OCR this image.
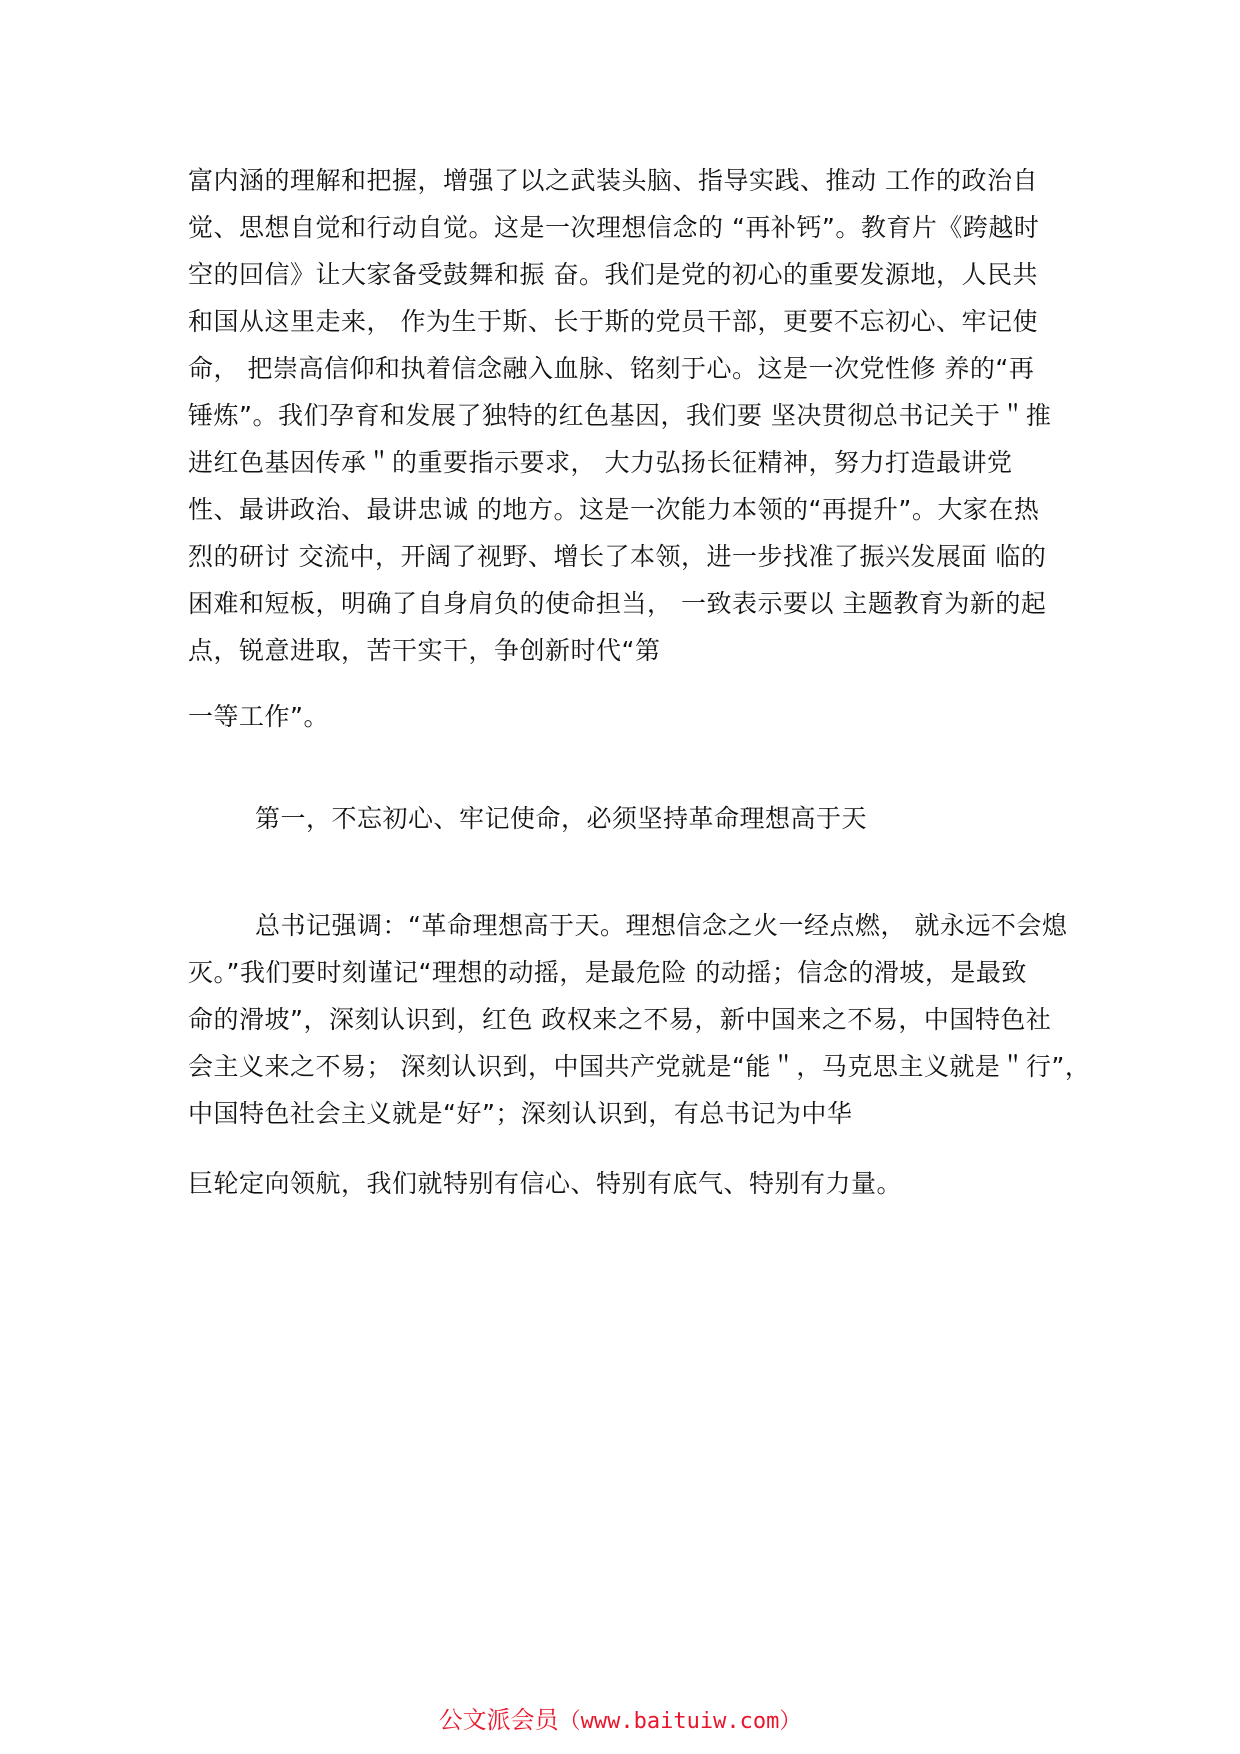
富内涵的理解和把握，增强了以之武装头脑、指导实践、推动 工作的政治自
觉、思想自觉和行动自觉。这是一次理想信念的 “再补钙”。教育片《跨越时
空的回信》让大家备受鼓舞和振 奋。我们是党的初心的重要发源地，人民共
和国从这里走来， 作为生于斯、长于斯的党员干部，更要不忘初心、牢记使
命， 把崇高信仰和执着信念融入血脉、铭刻于心。这是一次党性修 养的“再
锤炼”。我们孕育和发展了独特的红色基因，我们要 坚决贯彻总书记关于＂推
进红色基因传承＂的重要指示要求， 大力弘扬长征精神，努力打造最讲党
性、最讲政治、最讲忠诚 的地方。这是一次能力本领的“再提升”。大家在热
烈的研讨 交流中，开阔了视野、增长了本领，进一步找准了振兴发展面 临的
困难和短板，明确了自身肩负的使命担当， 一致表示要以 主题教育为新的起
点，锐意进取，苦干实干，争创新时代“第
一等工作”。
第一，不忘初心、牢记使命，必须坚持革命理想高于天
总书记强调：“革命理想高于天。理想信念之火一经点燃， 就永远不会熄
灭。”我们要时刻谨记“理想的动摇，是最危险 的动摇；信念的滑坡，是最致
命的滑坡”，深刻认识到，红色 政权来之不易，新中国来之不易，中国特色社
会主义来之不易； 深刻认识到，中国共产党就是“能＂，马克思主义就是＂行”，
中国特色社会主义就是“好”；深刻认识到，有总书记为中华
巨轮定向领航，我们就特别有信心、特别有底气、特别有力量。
公文派会员（www.baituiw.com）
